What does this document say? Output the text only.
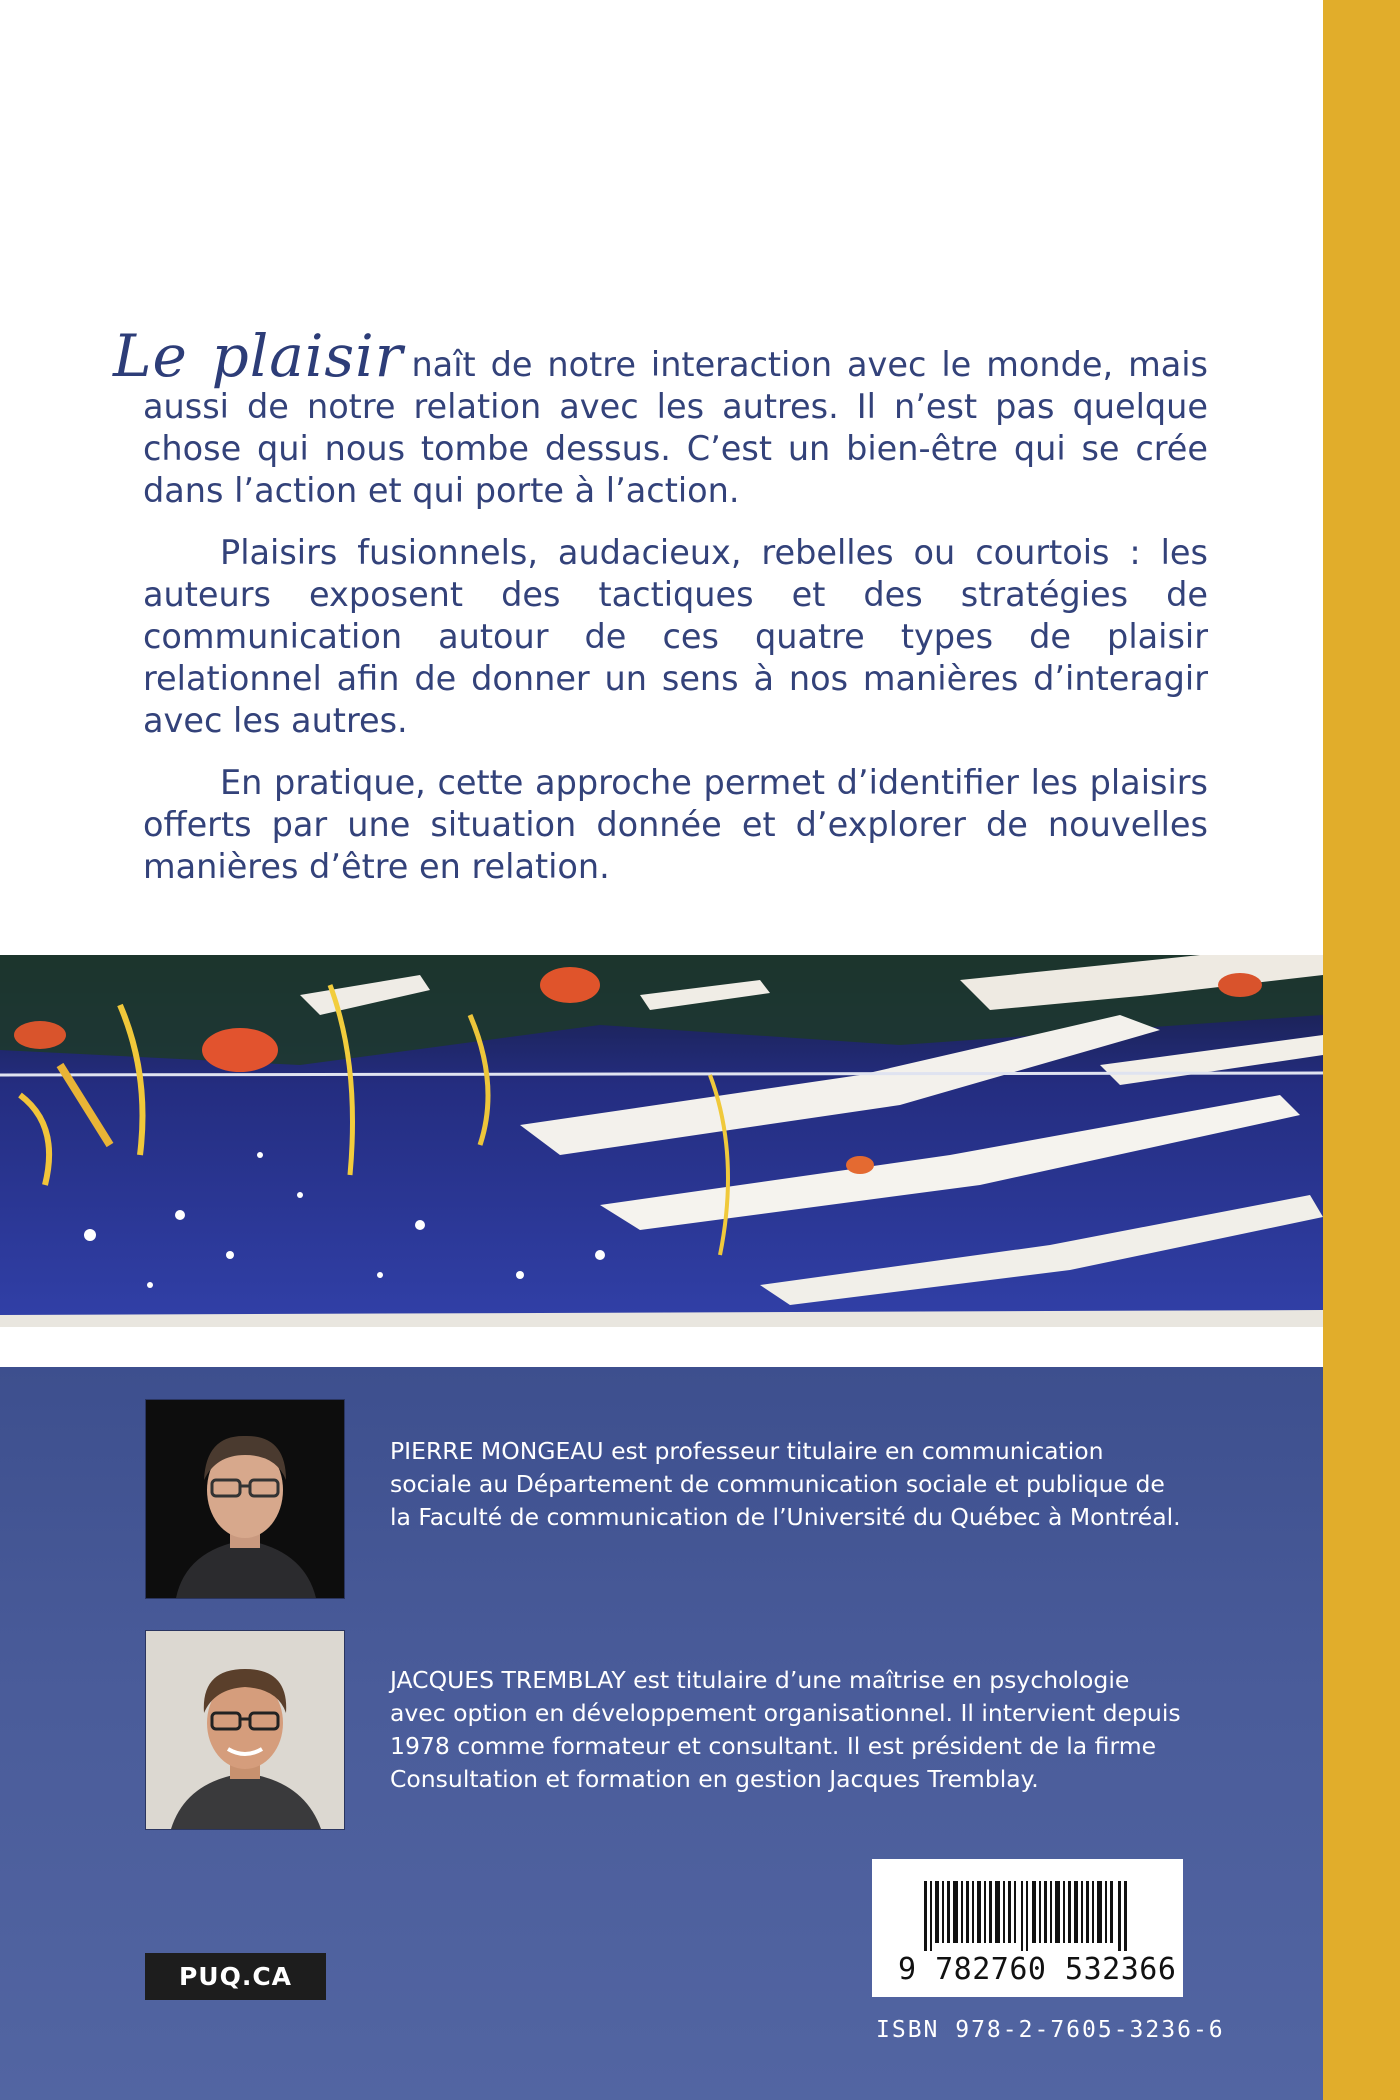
Le plaisir naît de notre interaction avec le monde, mais aussi de notre relation avec les autres. Il n’est pas quelque chose qui nous tombe dessus. C’est un bien-être qui se crée dans l’action et qui porte à l’action.

Plaisirs fusionnels, audacieux, rebelles ou courtois : les auteurs exposent des tactiques et des stratégies de communication autour de ces quatre types de plaisir relationnel afin de donner un sens à nos manières d’interagir avec les autres.

En pratique, cette approche permet d’identifier les plaisirs offerts par une situation donnée et d’explorer de nouvelles manières d’être en relation.

PIERRE MONGEAU est professeur titulaire en communication sociale au Département de communication sociale et publique de la Faculté de communication de l’Université du Québec à Montréal.
JACQUES TREMBLAY est titulaire d’une maîtrise en psychologie avec option en développement organisationnel. Il intervient depuis 1978 comme formateur et consultant. Il est président de la firme Consultation et formation en gestion Jacques Tremblay.
PUQ.CA	9 782760 532366
ISBN 978-2-7605-3236-6
